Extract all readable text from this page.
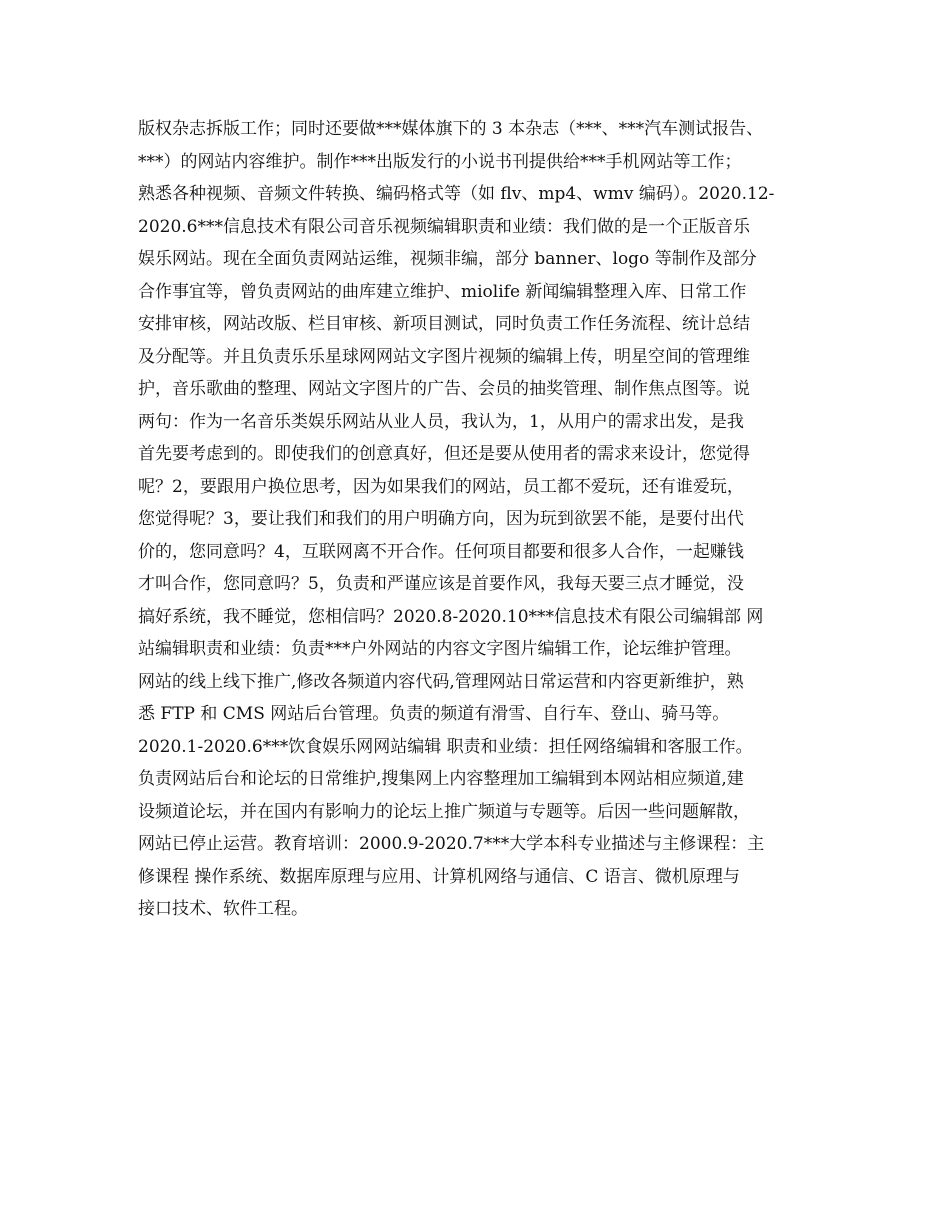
版权杂志拆版工作；同时还要做***媒体旗下的 3 本杂志（***、***汽车测试报告、
***）的网站内容维护。制作***出版发行的小说书刊提供给***手机网站等工作；
熟悉各种视频、音频文件转换、编码格式等（如 flv、mp4、wmv 编码）。2020.12-
2020.6***信息技术有限公司音乐视频编辑职责和业绩：我们做的是一个正版音乐
娱乐网站。现在全面负责网站运维，视频非编，部分 banner、logo 等制作及部分
合作事宜等，曾负责网站的曲库建立维护、miolife 新闻编辑整理入库、日常工作
安排审核，网站改版、栏目审核、新项目测试，同时负责工作任务流程、统计总结
及分配等。并且负责乐乐星球网网站文字图片视频的编辑上传，明星空间的管理维
护，音乐歌曲的整理、网站文字图片的广告、会员的抽奖管理、制作焦点图等。说
两句：作为一名音乐类娱乐网站从业人员，我认为，1，从用户的需求出发，是我
首先要考虑到的。即使我们的创意真好，但还是要从使用者的需求来设计，您觉得
呢？2，要跟用户换位思考，因为如果我们的网站，员工都不爱玩，还有谁爱玩，
您觉得呢？3，要让我们和我们的用户明确方向，因为玩到欲罢不能，是要付出代
价的，您同意吗？4，互联网离不开合作。任何项目都要和很多人合作，一起赚钱
才叫合作，您同意吗？5，负责和严谨应该是首要作风，我每天要三点才睡觉，没
搞好系统，我不睡觉，您相信吗？2020.8-2020.10***信息技术有限公司编辑部 网
站编辑职责和业绩：负责***户外网站的内容文字图片编辑工作，论坛维护管理。
网站的线上线下推广,修改各频道内容代码,管理网站日常运营和内容更新维护，熟
悉 FTP 和 CMS 网站后台管理。负责的频道有滑雪、自行车、登山、骑马等。
2020.1-2020.6***饮食娱乐网网站编辑 职责和业绩：担任网络编辑和客服工作。
负责网站后台和论坛的日常维护,搜集网上内容整理加工编辑到本网站相应频道,建
设频道论坛，并在国内有影响力的论坛上推广频道与专题等。后因一些问题解散，
网站已停止运营。教育培训：2000.9-2020.7***大学本科专业描述与主修课程：主
修课程 操作系统、数据库原理与应用、计算机网络与通信、C 语言、微机原理与
接口技术、软件工程。
